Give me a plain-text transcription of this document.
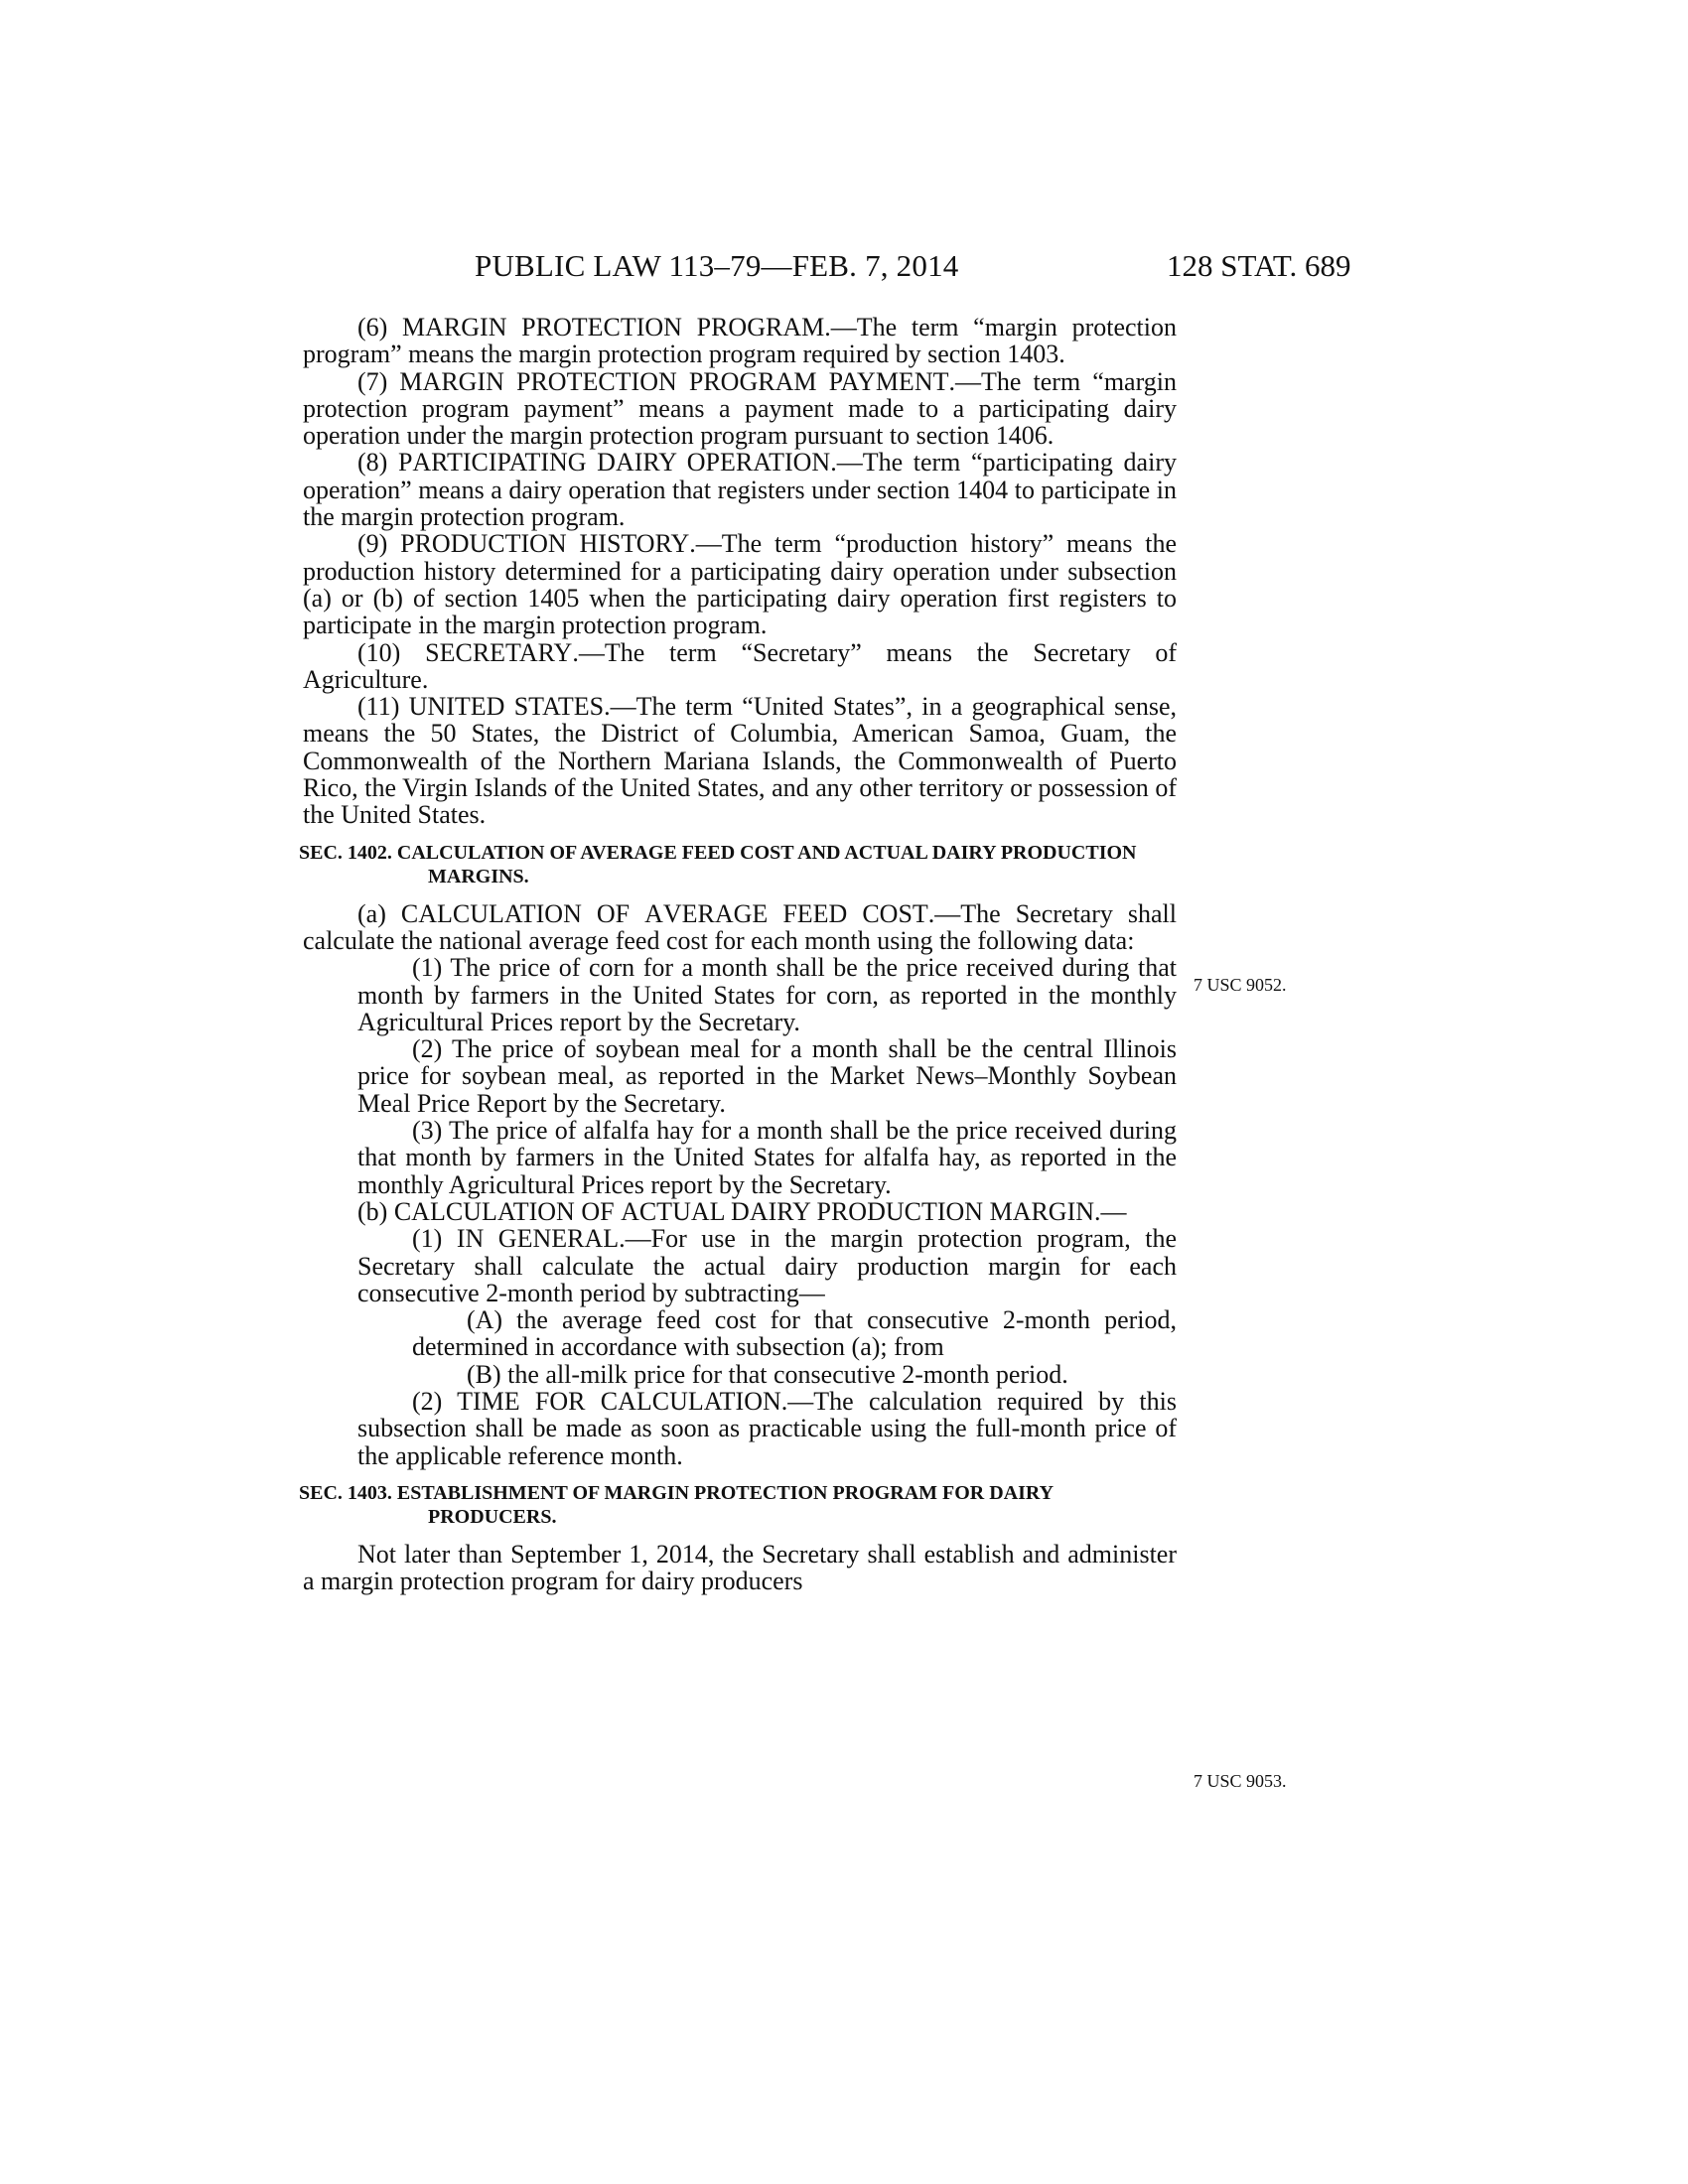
PUBLIC LAW 113–79—FEB. 7, 2014	128 STAT. 689
7 USC 9052.
7 USC 9053.

(6) MARGIN PROTECTION PROGRAM.—The term “margin protection program” means the margin protection program required by section 1403.

(7) MARGIN PROTECTION PROGRAM PAYMENT.—The term “margin protection program payment” means a payment made to a participating dairy operation under the margin protection program pursuant to section 1406.

(8) PARTICIPATING DAIRY OPERATION.—The term “participating dairy operation” means a dairy operation that registers under section 1404 to participate in the margin protection program.

(9) PRODUCTION HISTORY.—The term “production history” means the production history determined for a participating dairy operation under subsection (a) or (b) of section 1405 when the participating dairy operation first registers to participate in the margin protection program.

(10) SECRETARY.—The term “Secretary” means the Secretary of Agriculture.

(11) UNITED STATES.—The term “United States”, in a geographical sense, means the 50 States, the District of Columbia, American Samoa, Guam, the Commonwealth of the Northern Mariana Islands, the Commonwealth of Puerto Rico, the Virgin Islands of the United States, and any other territory or possession of the United States.

SEC. 1402. CALCULATION OF AVERAGE FEED COST AND ACTUAL DAIRY PRODUCTION MARGINS.

(a) CALCULATION OF AVERAGE FEED COST.—The Secretary shall calculate the national average feed cost for each month using the following data:

(1) The price of corn for a month shall be the price received during that month by farmers in the United States for corn, as reported in the monthly Agricultural Prices report by the Secretary.

(2) The price of soybean meal for a month shall be the central Illinois price for soybean meal, as reported in the Market News–Monthly Soybean Meal Price Report by the Secretary.

(3) The price of alfalfa hay for a month shall be the price received during that month by farmers in the United States for alfalfa hay, as reported in the monthly Agricultural Prices report by the Secretary.

(b) CALCULATION OF ACTUAL DAIRY PRODUCTION MARGIN.—

(1) IN GENERAL.—For use in the margin protection program, the Secretary shall calculate the actual dairy production margin for each consecutive 2-month period by subtracting—

(A) the average feed cost for that consecutive 2-month period, determined in accordance with subsection (a); from

(B) the all-milk price for that consecutive 2-month period.

(2) TIME FOR CALCULATION.—The calculation required by this subsection shall be made as soon as practicable using the full-month price of the applicable reference month.

SEC. 1403. ESTABLISHMENT OF MARGIN PROTECTION PROGRAM FOR DAIRY PRODUCERS.

Not later than September 1, 2014, the Secretary shall establish and administer a margin protection program for dairy producers
